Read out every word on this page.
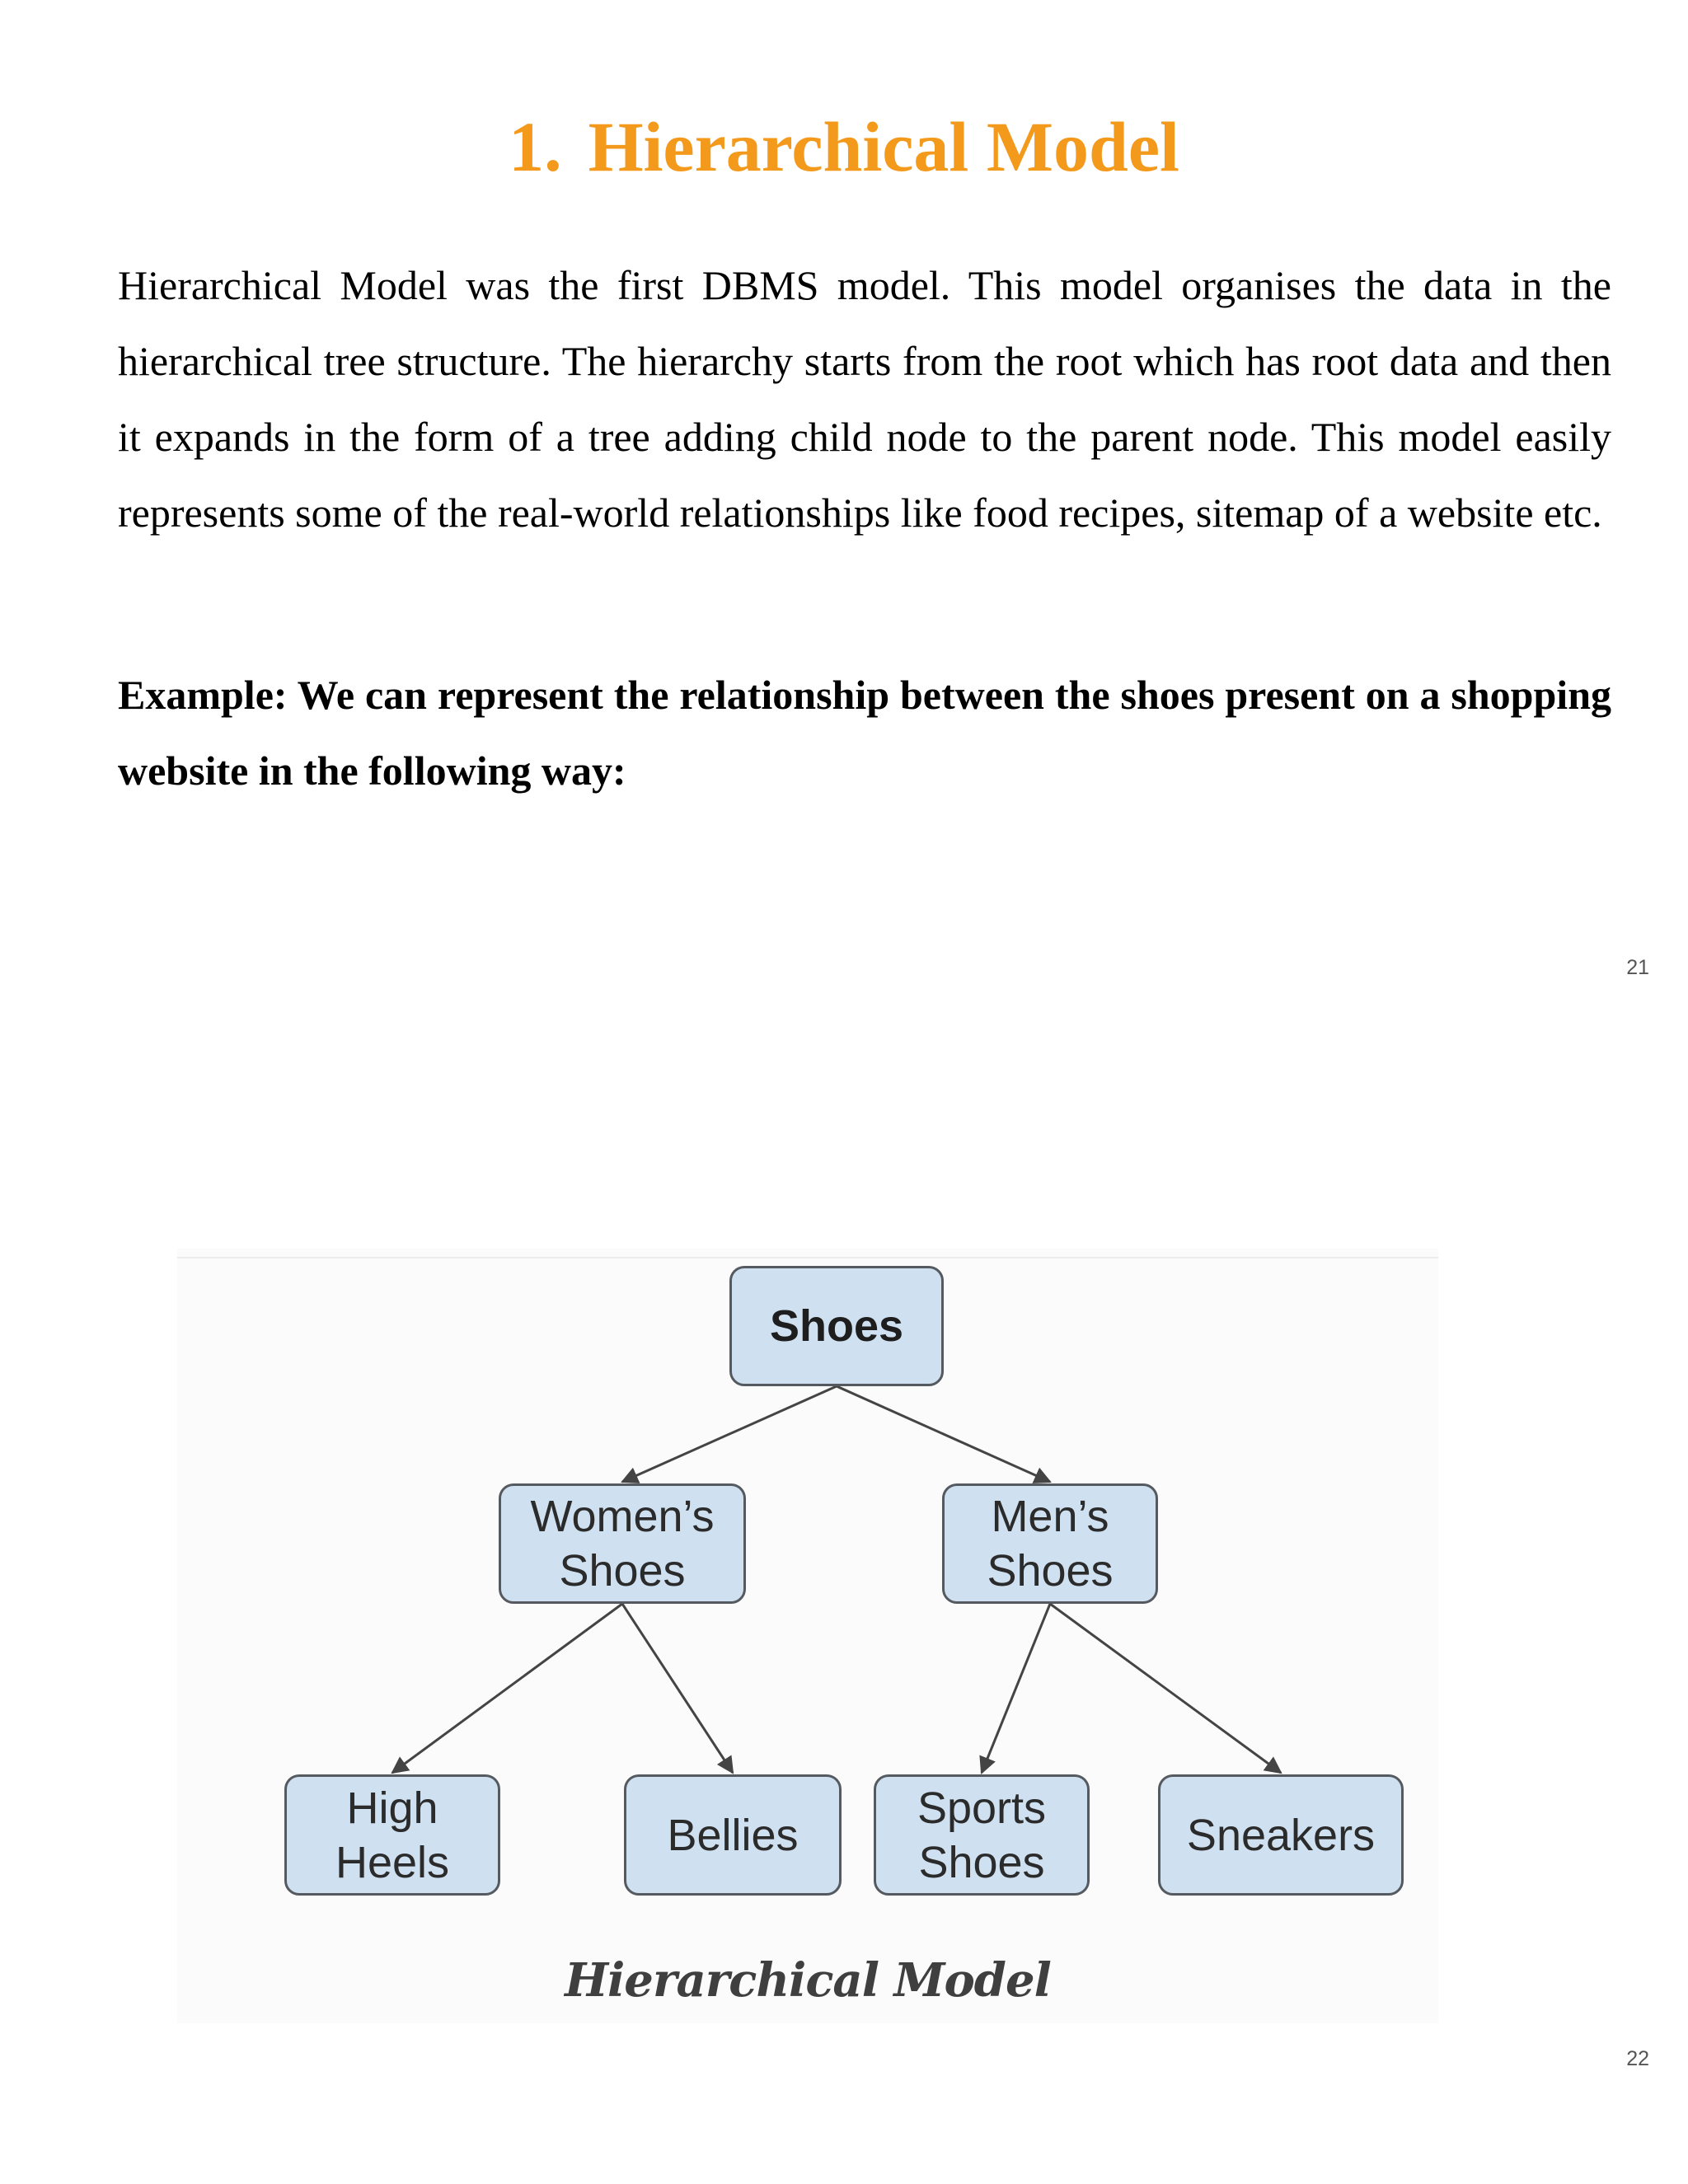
1. Hierarchical Model

Hierarchical Model was the first DBMS model. This model organises the data in the hierarchical tree structure. The hierarchy starts from the root which has root data and then it expands in the form of a tree adding child node to the parent node. This model easily represents some of the real-world relationships like food recipes, sitemap of a website etc.

Example: We can represent the relationship between the shoes present on a shopping website in the following way:

21
Shoes
Women’s
Shoes
Men’s
Shoes
High
Heels
Bellies
Sports
Shoes
Sneakers
Hierarchical Model
22
